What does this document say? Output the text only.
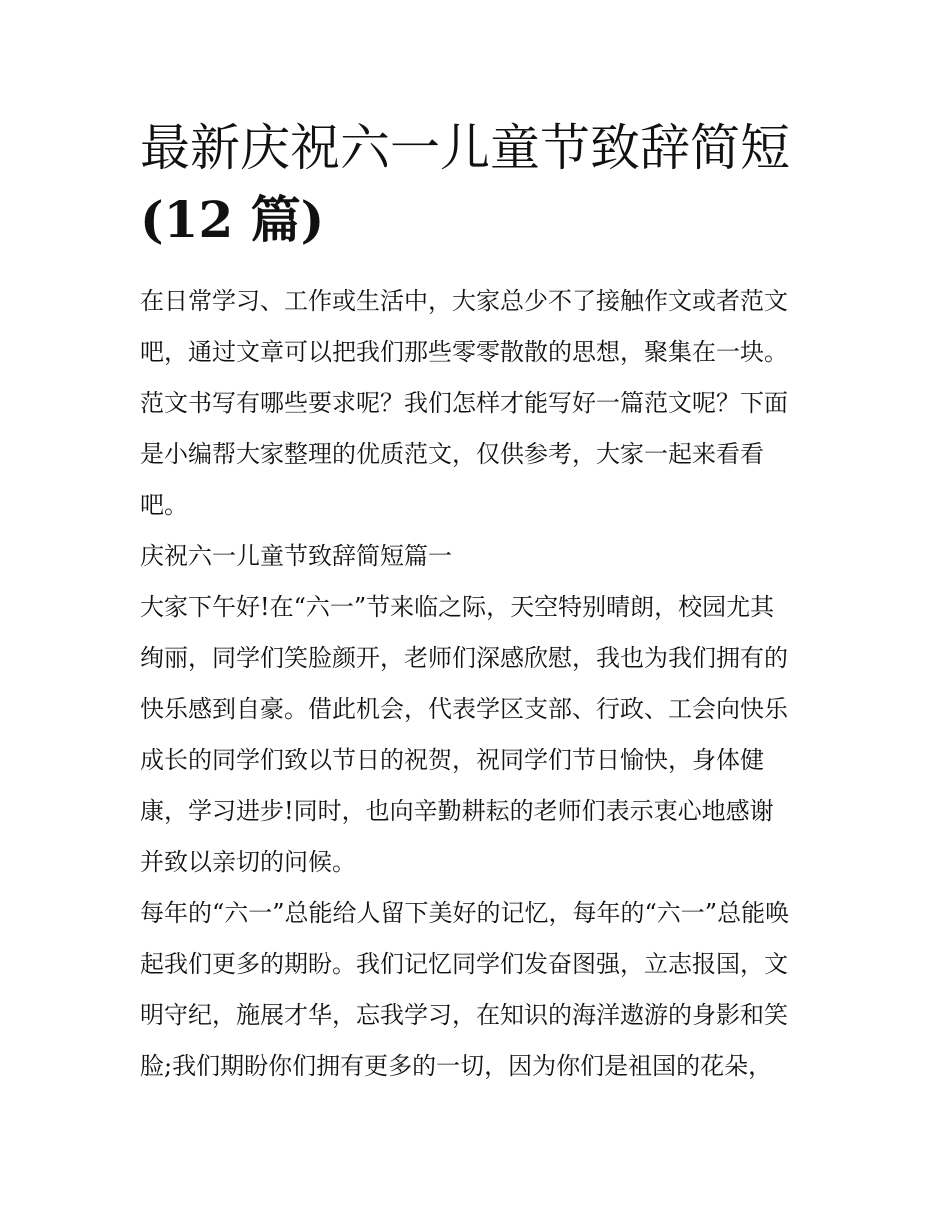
最新庆祝六一儿童节致辞简短
(12 篇)

在日常学习、工作或生活中，大家总少不了接触作文或者范文

吧，通过文章可以把我们那些零零散散的思想，聚集在一块。

范文书写有哪些要求呢？我们怎样才能写好一篇范文呢？下面

是小编帮大家整理的优质范文，仅供参考，大家一起来看看

吧。

庆祝六一儿童节致辞简短篇一

大家下午好!在“六一”节来临之际，天空特别晴朗，校园尤其

绚丽，同学们笑脸颜开，老师们深感欣慰，我也为我们拥有的

快乐感到自豪。借此机会，代表学区支部、行政、工会向快乐

成长的同学们致以节日的祝贺，祝同学们节日愉快，身体健

康，学习进步!同时，也向辛勤耕耘的老师们表示衷心地感谢

并致以亲切的问候。

每年的“六一”总能给人留下美好的记忆，每年的“六一”总能唤

起我们更多的期盼。我们记忆同学们发奋图强，立志报国，文

明守纪，施展才华，忘我学习，在知识的海洋遨游的身影和笑

脸;我们期盼你们拥有更多的一切，因为你们是祖国的花朵，
